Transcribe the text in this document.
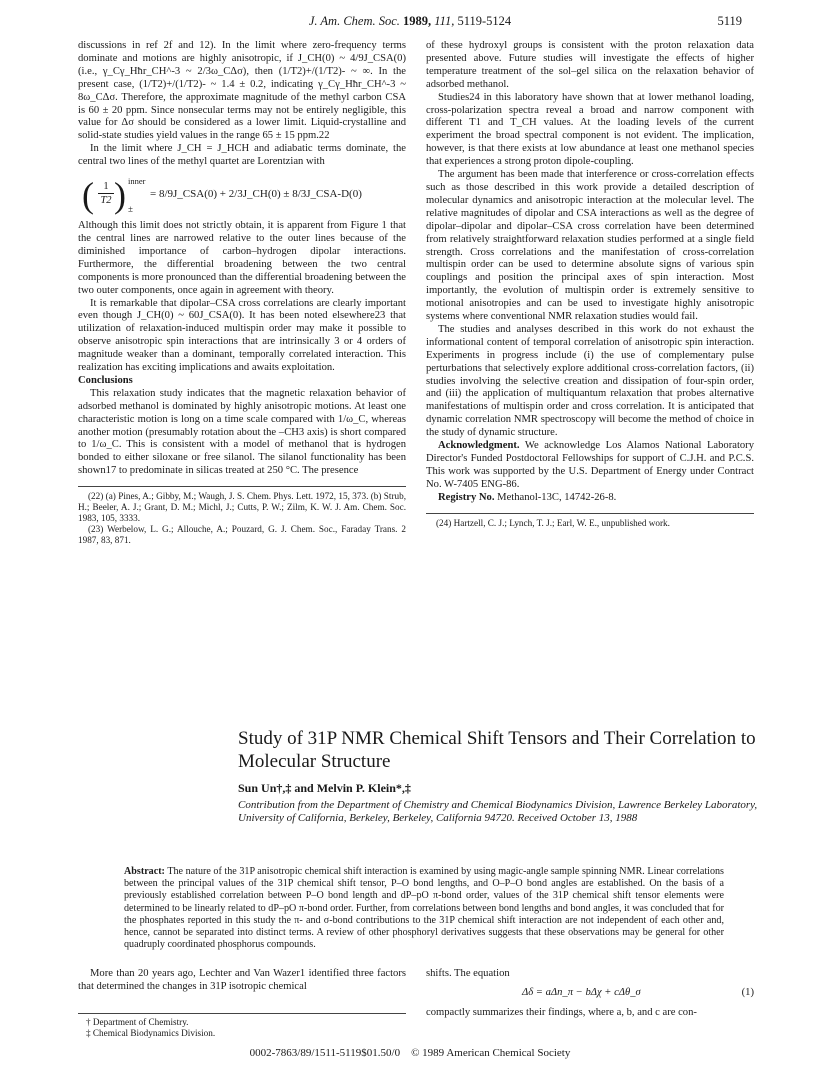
J. Am. Chem. Soc. 1989, 111, 5119-5124	5119

discussions in ref 2f and 12). In the limit where zero-frequency terms dominate and motions are highly anisotropic, if J_CH(0) ~ 4/9J_CSA(0) (i.e., γ_Cγ_Hħr_CH^-3 ~ 2/3ω_CΔσ), then (1/T2)+/(1/T2)- ~ ∞. In the present case, (1/T2)+/(1/T2)- ~ 1.4 ± 0.2, indicating γ_Cγ_Hħr_CH^-3 ~ 8ω_CΔσ. Therefore, the approximate magnitude of the methyl carbon CSA is 60 ± 20 ppm. Since nonsecular terms may not be entirely negligible, this value for Δσ should be considered as a lower limit. Liquid-crystalline and solid-state studies yield values in the range 65 ± 15 ppm.22

In the limit where J_CH = J_HCH and adiabatic terms dominate, the central two lines of the methyl quartet are Lorentzian with

( $\frac{1}{T2}$ ) inner
±
= 8/9J_CSA(0) + 2/3J_CH(0) ± 8/3J_CSA-D(0)

Although this limit does not strictly obtain, it is apparent from Figure 1 that the central lines are narrowed relative to the outer lines because of the diminished importance of carbon–hydrogen dipolar interactions. Furthermore, the differential broadening between the two central components is more pronounced than the differential broadening between the two outer components, once again in agreement with theory.

It is remarkable that dipolar–CSA cross correlations are clearly important even though J_CH(0) ~ 60J_CSA(0). It has been noted elsewhere23 that utilization of relaxation-induced multispin order may make it possible to observe anisotropic spin interactions that are intrinsically 3 or 4 orders of magnitude weaker than a dominant, temporally correlated interaction. This realization has exciting implications and awaits exploitation.

Conclusions

This relaxation study indicates that the magnetic relaxation behavior of adsorbed methanol is dominated by highly anisotropic motions. At least one characteristic motion is long on a time scale compared with 1/ω_C, whereas another motion (presumably rotation about the –CH3 axis) is short compared to 1/ω_C. This is consistent with a model of methanol that is hydrogen bonded to either siloxane or free silanol. The silanol functionality has been shown17 to predominate in silicas treated at 250 °C. The presence

(22) (a) Pines, A.; Gibby, M.; Waugh, J. S. Chem. Phys. Lett. 1972, 15, 373. (b) Strub, H.; Beeler, A. J.; Grant, D. M.; Michl, J.; Cutts, P. W.; Zilm, K. W. J. Am. Chem. Soc. 1983, 105, 3333.

(23) Werbelow, L. G.; Allouche, A.; Pouzard, G. J. Chem. Soc., Faraday Trans. 2 1987, 83, 871.

of these hydroxyl groups is consistent with the proton relaxation data presented above. Future studies will investigate the effects of higher temperature treatment of the sol–gel silica on the relaxation behavior of adsorbed methanol.

Studies24 in this laboratory have shown that at lower methanol loading, cross-polarization spectra reveal a broad and narrow component with different T1 and T_CH values. At the loading levels of the current experiment the broad spectral component is not evident. The implication, however, is that there exists at low abundance at least one methanol species that experiences a strong proton dipole-coupling.

The argument has been made that interference or cross-correlation effects such as those described in this work provide a detailed description of molecular dynamics and anisotropic interaction at the molecular level. The relative magnitudes of dipolar and CSA interactions as well as the degree of dipolar–dipolar and dipolar–CSA cross correlation have been determined from relatively straightforward relaxation studies performed at a single field strength. Cross correlations and the manifestation of cross-correlation multispin order can be used to determine absolute signs of various spin couplings and position the principal axes of spin interaction. Most importantly, the evolution of multispin order is extremely sensitive to motional anisotropies and can be used to investigate highly anisotropic systems where conventional NMR relaxation studies would fail.

The studies and analyses described in this work do not exhaust the informational content of temporal correlation of anisotropic spin interaction. Experiments in progress include (i) the use of complementary pulse perturbations that selectively explore additional cross-correlation factors, (ii) studies involving the selective creation and dissipation of four-spin order, and (iii) the application of multiquantum relaxation that probes alternative manifestations of multispin order and cross correlation. It is anticipated that dynamic correlation NMR spectroscopy will become the method of choice in the study of dynamic structure.

Acknowledgment. We acknowledge Los Alamos National Laboratory Director's Funded Postdoctoral Fellowships for support of C.J.H. and P.C.S. This work was supported by the U.S. Department of Energy under Contract No. W-7405 ENG-86.

Registry No. Methanol-13C, 14742-26-8.

(24) Hartzell, C. J.; Lynch, T. J.; Earl, W. E., unpublished work.

Study of 31P NMR Chemical Shift Tensors and Their Correlation to Molecular Structure
Sun Un†,‡ and Melvin P. Klein*,‡
Contribution from the Department of Chemistry and Chemical Biodynamics Division, Lawrence Berkeley Laboratory, University of California, Berkeley, Berkeley, California 94720. Received October 13, 1988
Abstract: The nature of the 31P anisotropic chemical shift interaction is examined by using magic-angle sample spinning NMR. Linear correlations between the principal values of the 31P chemical shift tensor, P–O bond lengths, and O–P–O bond angles are established. On the basis of a previously established correlation between P–O bond length and dP–pO π-bond order, values of the 31P chemical shift tensor elements were determined to be linearly related to dP–pO π-bond order. Further, from correlations between bond lengths and bond angles, it was concluded that for the phosphates reported in this study the π- and σ-bond contributions to the 31P chemical shift interaction are not independent of each other and, hence, cannot be separated into distinct terms. A review of other phosphoryl derivatives suggests that these observations may be general for other quadruply coordinated phosphorus compounds.

More than 20 years ago, Lechter and Van Wazer1 identified three factors that determined the changes in 31P isotropic chemical

shifts. The equation
Δδ = aΔn_π − bΔχ + cΔθ_σ	(1)
compactly summarizes their findings, where a, b, and c are con-
† Department of Chemistry.
‡ Chemical Biodynamics Division.
0002-7863/89/1511-5119$01.50/0 © 1989 American Chemical Society
